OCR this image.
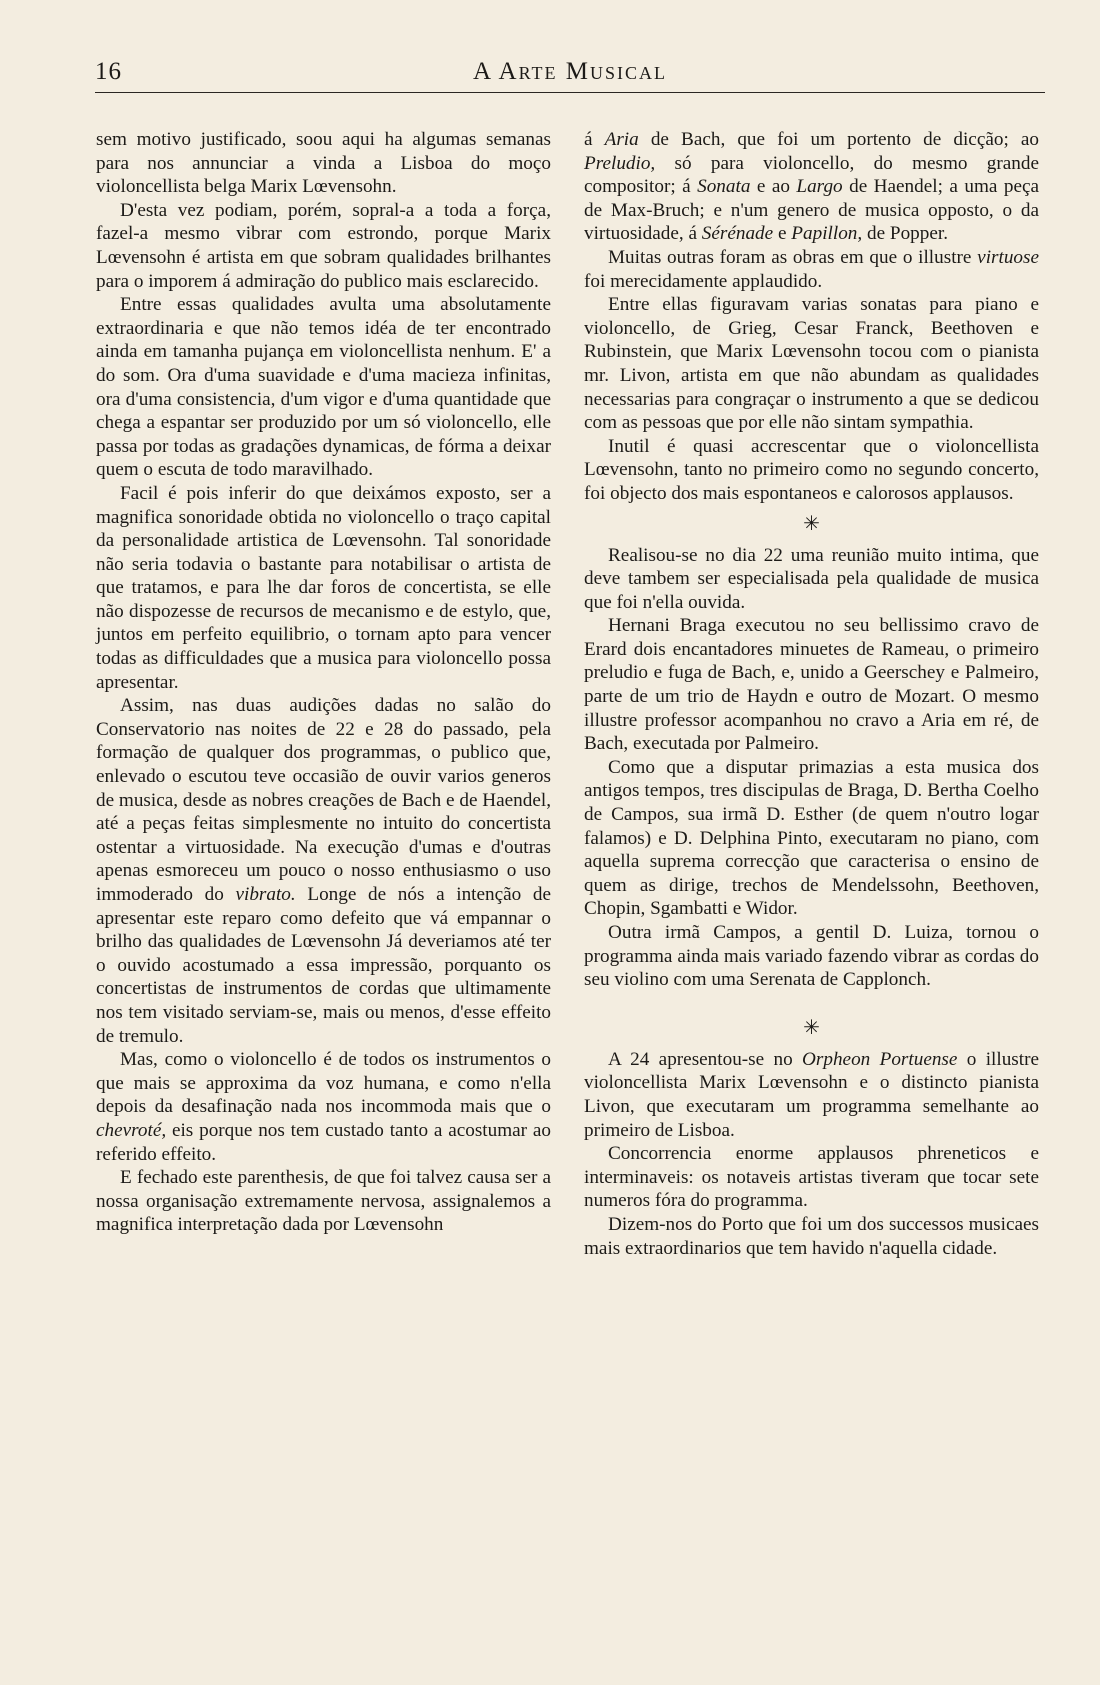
16	A Arte Musical

sem motivo justificado, soou aqui ha algumas semanas para nos annunciar a vinda a Lisboa do moço violoncellista belga Marix Lœvensohn.

D'esta vez podiam, porém, sopral-a a toda a força, fazel-a mesmo vibrar com estrondo, porque Marix Lœvensohn é artista em que sobram qualidades brilhantes para o imporem á admiração do publico mais esclarecido.

Entre essas qualidades avulta uma absolutamente extraordinaria e que não temos idéa de ter encontrado ainda em tamanha pujança em violoncellista nenhum. E' a do som. Ora d'uma suavidade e d'uma macieza infinitas, ora d'uma consistencia, d'um vigor e d'uma quantidade que chega a espantar ser produzido por um só violoncello, elle passa por todas as gradações dynamicas, de fórma a deixar quem o escuta de todo maravilhado.

Facil é pois inferir do que deixámos exposto, ser a magnifica sonoridade obtida no violoncello o traço capital da personalidade artistica de Lœvensohn. Tal sonoridade não seria todavia o bastante para notabilisar o artista de que tratamos, e para lhe dar foros de concertista, se elle não dispozesse de recursos de mecanismo e de estylo, que, juntos em perfeito equilibrio, o tornam apto para vencer todas as difficuldades que a musica para violoncello possa apresentar.

Assim, nas duas audições dadas no salão do Conservatorio nas noites de 22 e 28 do passado, pela formação de qualquer dos programmas, o publico que, enlevado o escutou teve occasião de ouvir varios generos de musica, desde as nobres creações de Bach e de Haendel, até a peças feitas simplesmente no intuito do concertista ostentar a virtuosidade. Na execução d'umas e d'outras apenas esmoreceu um pouco o nosso enthusiasmo o uso immoderado do vibrato. Longe de nós a intenção de apresentar este reparo como defeito que vá empannar o brilho das qualidades de Lœvensohn Já deveriamos até ter o ouvido acostumado a essa impressão, porquanto os concertistas de instrumentos de cordas que ultimamente nos tem visitado serviam-se, mais ou menos, d'esse effeito de tremulo.

Mas, como o violoncello é de todos os instrumentos o que mais se approxima da voz humana, e como n'ella depois da desafinação nada nos incommoda mais que o chevroté, eis porque nos tem custado tanto a acostumar ao referido effeito.

E fechado este parenthesis, de que foi talvez causa ser a nossa organisação extremamente nervosa, assignalemos a magnifica interpretação dada por Lœvensohn

á Aria de Bach, que foi um portento de dicção; ao Preludio, só para violoncello, do mesmo grande compositor; á Sonata e ao Largo de Haendel; a uma peça de Max-Bruch; e n'um genero de musica opposto, o da virtuosidade, á Sérénade e Papillon, de Popper.

Muitas outras foram as obras em que o illustre virtuose foi merecidamente applaudido.

Entre ellas figuravam varias sonatas para piano e violoncello, de Grieg, Cesar Franck, Beethoven e Rubinstein, que Marix Lœvensohn tocou com o pianista mr. Livon, artista em que não abundam as qualidades necessarias para congraçar o instrumento a que se dedicou com as pessoas que por elle não sintam sympathia.

Inutil é quasi accrescentar que o violoncellista Lœvensohn, tanto no primeiro como no segundo concerto, foi objecto dos mais espontaneos e calorosos applausos.

✳

Realisou-se no dia 22 uma reunião muito intima, que deve tambem ser especialisada pela qualidade de musica que foi n'ella ouvida.

Hernani Braga executou no seu bellissimo cravo de Erard dois encantadores minuetes de Rameau, o primeiro preludio e fuga de Bach, e, unido a Geerschey e Palmeiro, parte de um trio de Haydn e outro de Mozart. O mesmo illustre professor acompanhou no cravo a Aria em ré, de Bach, executada por Palmeiro.

Como que a disputar primazias a esta musica dos antigos tempos, tres discipulas de Braga, D. Bertha Coelho de Campos, sua irmã D. Esther (de quem n'outro logar falamos) e D. Delphina Pinto, executaram no piano, com aquella suprema correcção que caracterisa o ensino de quem as dirige, trechos de Mendelssohn, Beethoven, Chopin, Sgambatti e Widor.

Outra irmã Campos, a gentil D. Luiza, tornou o programma ainda mais variado fazendo vibrar as cordas do seu violino com uma Serenata de Capplonch.

✳

A 24 apresentou-se no Orpheon Portuense o illustre violoncellista Marix Lœvensohn e o distincto pianista Livon, que executaram um programma semelhante ao primeiro de Lisboa.

Concorrencia enorme applausos phreneticos e interminaveis: os notaveis artistas tiveram que tocar sete numeros fóra do programma.

Dizem-nos do Porto que foi um dos successos musicaes mais extraordinarios que tem havido n'aquella cidade.
